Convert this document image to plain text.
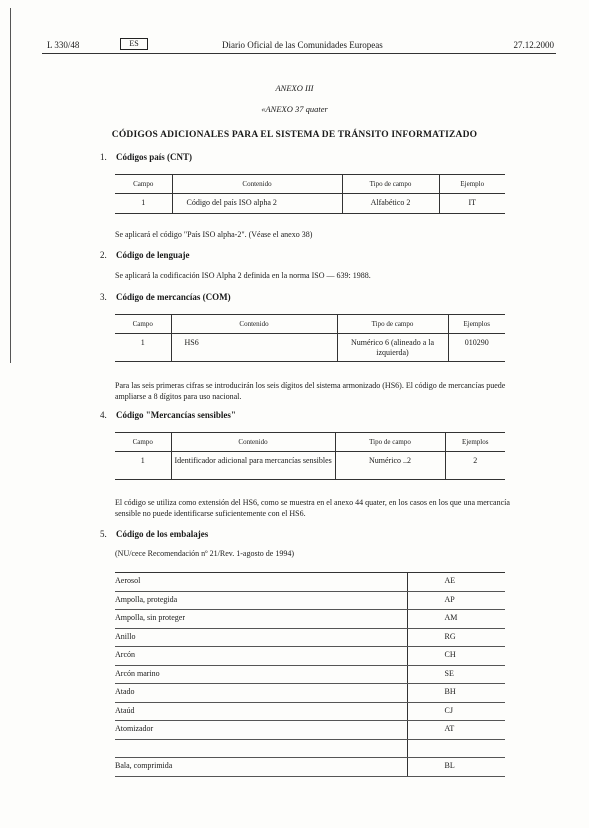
L 330/48	ES	Diario Oficial de las Comunidades Europeas	27.12.2000
ANEXO III
«ANEXO 37 quater
CÓDIGOS ADICIONALES PARA EL SISTEMA DE TRÁNSITO INFORMATIZADO
1. Códigos país (CNT)
Campo	Contenido	Tipo de campo	Ejemplo
1	Código del país ISO alpha 2	Alfabético 2	IT
Se aplicará el código "País ISO alpha-2". (Véase el anexo 38)
2. Código de lenguaje
Se aplicará la codificación ISO Alpha 2 definida en la norma ISO — 639: 1988.
3. Código de mercancías (COM)
Campo	Contenido	Tipo de campo	Ejemplos
1	HS6	Numérico 6 (alineado a la izquierda)	010290
Para las seis primeras cifras se introducirán los seis dígitos del sistema armonizado (HS6). El código de mercancías puede ampliarse a 8 dígitos para uso nacional.
4. Código "Mercancías sensibles"
Campo	Contenido	Tipo de campo	Ejemplos
1	Identificador adicional para mercancías sensibles	Numérico ..2	2
El código se utiliza como extensión del HS6, como se muestra en el anexo 44 quater, en los casos en los que una mercancía sensible no puede identificarse suficientemente con el HS6.
5. Código de los embalajes
(NU/cece Recomendación nº 21/Rev. 1-agosto de 1994)
Aerosol	AE
Ampolla, protegida	AP
Ampolla, sin proteger	AM
Anillo	RG
Arcón	CH
Arcón marino	SE
Atado	BH
Ataúd	CJ
Atomizador	AT

Bala, comprimida	BL
